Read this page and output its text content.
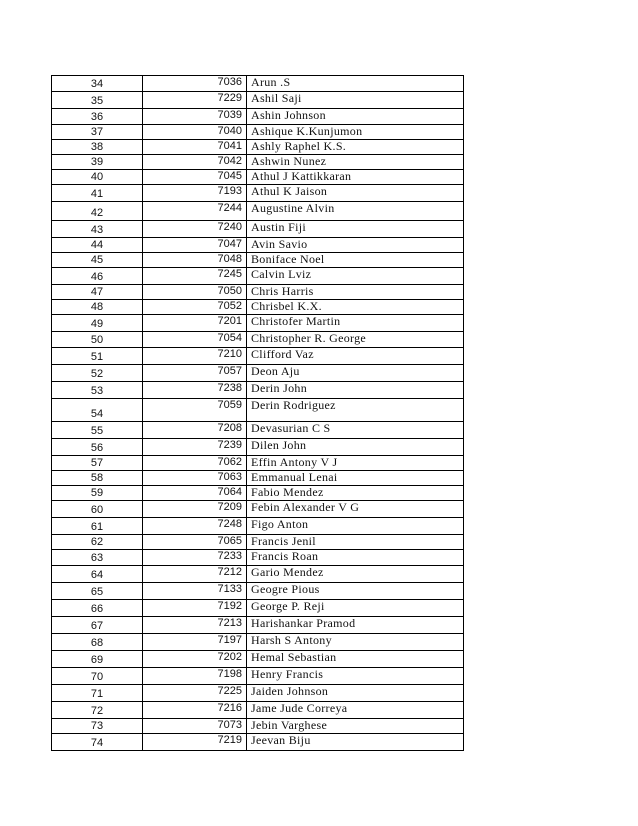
34	7036	Arun .S

35	7229	Ashil Saji

36	7039	Ashin Johnson

37	7040	Ashique K.Kunjumon

38	7041	Ashly Raphel K.S.

39	7042	Ashwin Nunez

40	7045	Athul J Kattikkaran

41	7193	Athul K Jaison

42	7244	Augustine Alvin

43	7240	Austin Fiji

44	7047	Avin Savio

45	7048	Boniface Noel

46	7245	Calvin Lviz

47	7050	Chris Harris

48	7052	Chrisbel K.X.

49	7201	Christofer Martin

50	7054	Christopher R. George

51	7210	Clifford Vaz

52	7057	Deon Aju

53	7238	Derin John

54	7059	Derin Rodriguez

55	7208	Devasurian C S

56	7239	Dilen John

57	7062	Effin Antony V J

58	7063	Emmanual Lenai

59	7064	Fabio Mendez

60	7209	Febin Alexander V G

61	7248	Figo Anton

62	7065	Francis Jenil

63	7233	Francis Roan

64	7212	Gario Mendez

65	7133	Geogre Pious

66	7192	George P. Reji

67	7213	Harishankar Pramod

68	7197	Harsh S Antony

69	7202	Hemal Sebastian

70	7198	Henry Francis

71	7225	Jaiden Johnson

72	7216	Jame Jude Correya

73	7073	Jebin Varghese

74	7219	Jeevan Biju
